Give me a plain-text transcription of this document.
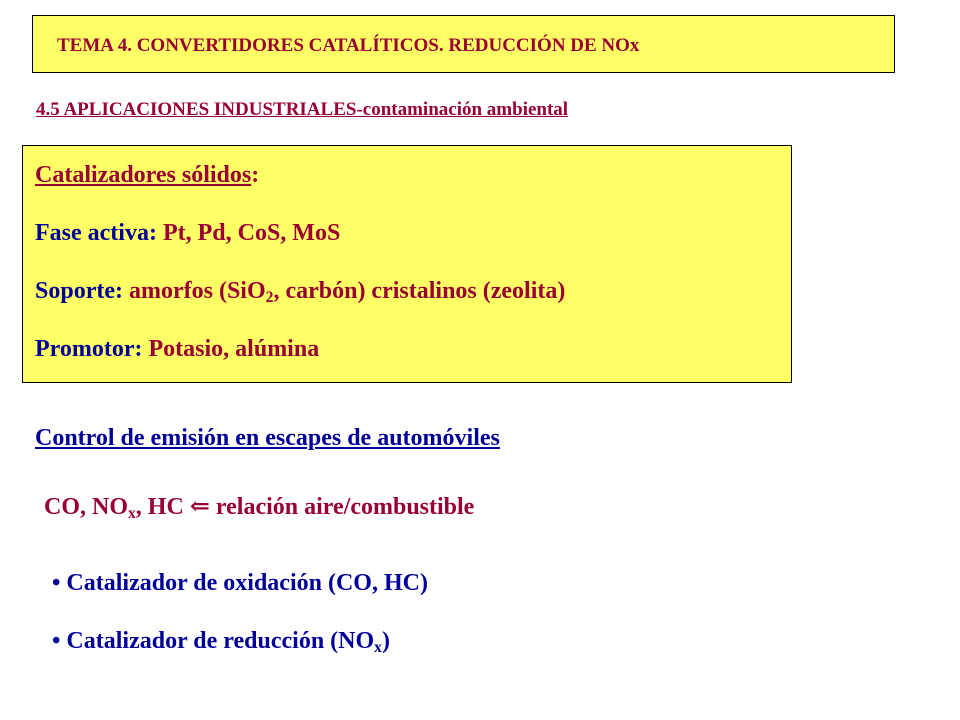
TEMA 4. CONVERTIDORES CATALÍTICOS. REDUCCIÓN DE NOx
4.5 APLICACIONES INDUSTRIALES-contaminación ambiental
Catalizadores sólidos:
Fase activa: Pt, Pd, CoS, MoS
Soporte: amorfos (SiO$_2$, carbón) cristalinos (zeolita)
Promotor: Potasio, alúmina
Control de emisión en escapes de automóviles
CO, $NO_x$, HC ⇐ relación aire/combustible
• Catalizador de oxidación (CO, HC)
• Catalizador de reducción $(NO_x)$
